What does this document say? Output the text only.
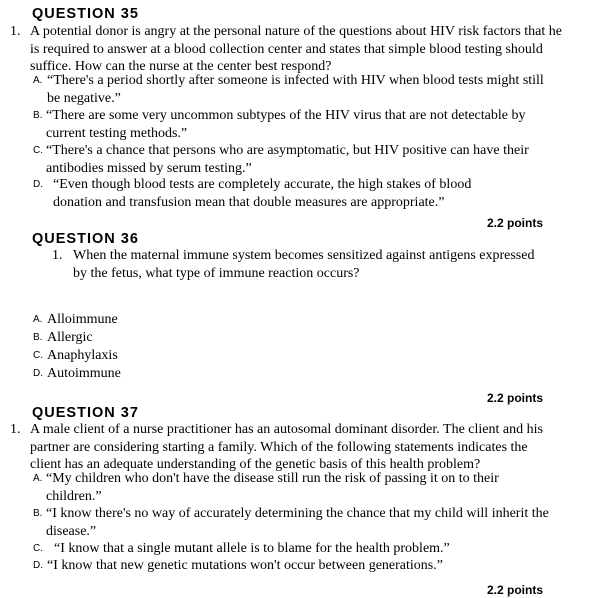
QUESTION 35
1. A potential donor is angry at the personal nature of the questions about HIV risk factors that he is required to answer at a blood collection center and states that simple blood testing should suffice. How can the nurse at the center best respond?
A. “There's a period shortly after someone is infected with HIV when blood tests might still be negative.”
B. “There are some very uncommon subtypes of the HIV virus that are not detectable by current testing methods.”
C. “There's a chance that persons who are asymptomatic, but HIV positive can have their antibodies missed by serum testing.”
D. “Even though blood tests are completely accurate, the high stakes of blood donation and transfusion mean that double measures are appropriate.”
2.2 points
QUESTION 36
1. When the maternal immune system becomes sensitized against antigens expressed by the fetus, what type of immune reaction occurs?
A. Alloimmune
B. Allergic
C. Anaphylaxis
D. Autoimmune
2.2 points
QUESTION 37
1. A male client of a nurse practitioner has an autosomal dominant disorder. The client and his partner are considering starting a family. Which of the following statements indicates the client has an adequate understanding of the genetic basis of this health problem?
A. “My children who don't have the disease still run the risk of passing it on to their children.”
B. “I know there's no way of accurately determining the chance that my child will inherit the disease.”
C. “I know that a single mutant allele is to blame for the health problem.”
D. “I know that new genetic mutations won't occur between generations.”
2.2 points
